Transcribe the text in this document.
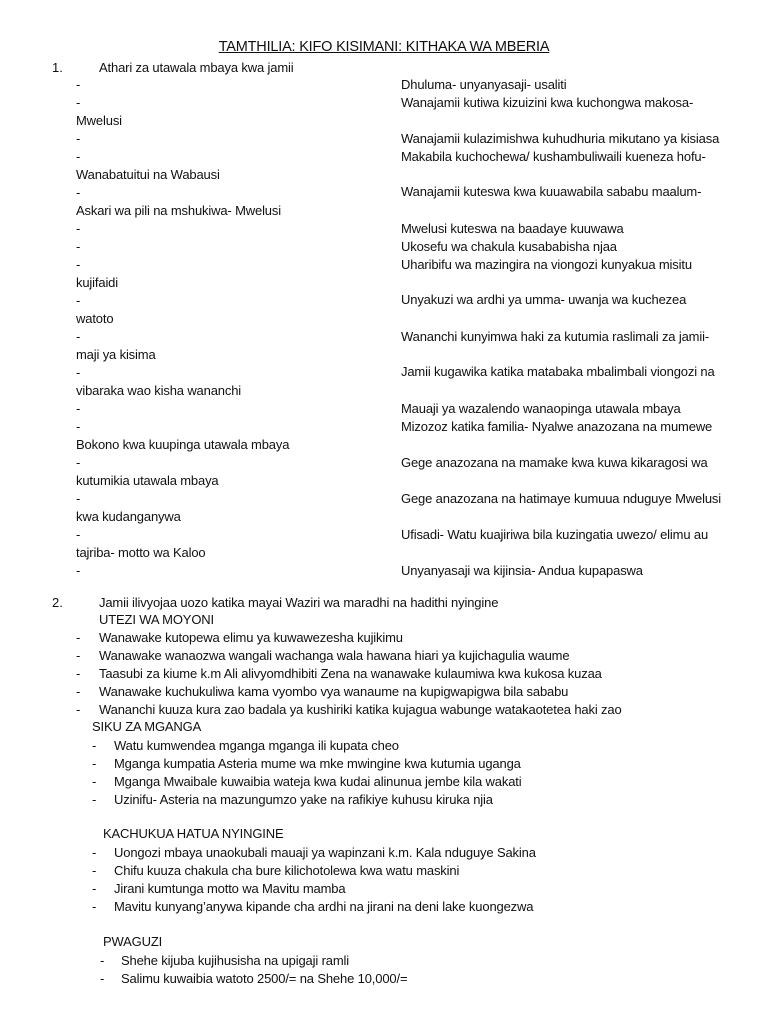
TAMTHILIA: KIFO KISIMANI: KITHAKA WA MBERIA
1.	Athari za utawala mbaya kwa jamii
-
-
Mwelusi
-
-
Wanabatuitui na Wabausi
-
Askari wa pili na mshukiwa- Mwelusi
-
-
-
kujifaidi
-
watoto
-
maji ya kisima
-
vibaraka wao kisha wananchi
-
-
Bokono kwa kuupinga utawala mbaya
-
kutumikia utawala mbaya
-
kwa kudanganywa
-
tajriba- motto wa Kaloo
-
Dhuluma- unyanyasaji- usaliti
Wanajamii kutiwa kizuizini kwa kuchongwa makosa-
Wanajamii kulazimishwa kuhudhuria mikutano ya kisiasa
Makabila kuchochewa/ kushambuliwaili kueneza hofu-
Wanajamii kuteswa kwa kuuawabila sababu maalum-
Mwelusi kuteswa na baadaye kuuwawa
Ukosefu wa chakula kusababisha njaa
Uharibifu wa mazingira na viongozi kunyakua misitu
Unyakuzi wa ardhi ya umma- uwanja wa kuchezea
Wananchi kunyimwa haki za kutumia raslimali za jamii-
Jamii kugawika katika matabaka mbalimbali viongozi na
Mauaji ya wazalendo wanaopinga utawala mbaya
Mizozoz katika familia- Nyalwe anazozana na mumewe
Gege anazozana na mamake kwa kuwa kikaragosi wa
Gege anazozana na hatimaye kumuua nduguye Mwelusi
Ufisadi- Watu kuajiriwa bila kuzingatia uwezo/ elimu au
Unyanyasaji wa kijinsia- Andua kupapaswa
2.	Jamii ilivyojaa uozo katika mayai Waziri wa maradhi na hadithi nyingine
UTEZI WA MOYONI
- Wanawake kutopewa elimu ya kuwawezesha kujikimu
- Wanawake wanaozwa wangali wachanga wala hawana hiari ya kujichagulia waume
- Taasubi za kiume k.m Ali alivyomdhibiti Zena na wanawake kulaumiwa kwa kukosa kuzaa
- Wanawake kuchukuliwa kama vyombo vya wanaume na kupigwapigwa bila sababu
- Wananchi kuuza kura zao badala ya kushiriki katika kujagua wabunge watakaotetea haki zao
SIKU ZA MGANGA
- Watu kumwendea mganga mganga ili kupata cheo
- Mganga kumpatia Asteria mume wa mke mwingine kwa kutumia uganga
- Mganga Mwaibale kuwaibia wateja kwa kudai alinunua jembe kila wakati
- Uzinifu- Asteria na mazungumzo yake na rafikiye kuhusu kiruka njia
KACHUKUA HATUA NYINGINE
- Uongozi mbaya unaokubali mauaji ya wapinzani k.m. Kala nduguye Sakina
- Chifu kuuza chakula cha bure kilichotolewa kwa watu maskini
- Jirani kumtunga motto wa Mavitu mamba
- Mavitu kunyang’anywa kipande cha ardhi na jirani na deni lake kuongezwa
PWAGUZI
- Shehe kijuba kujihusisha na upigaji ramli
- Salimu kuwaibia watoto 2500/= na Shehe 10,000/=
